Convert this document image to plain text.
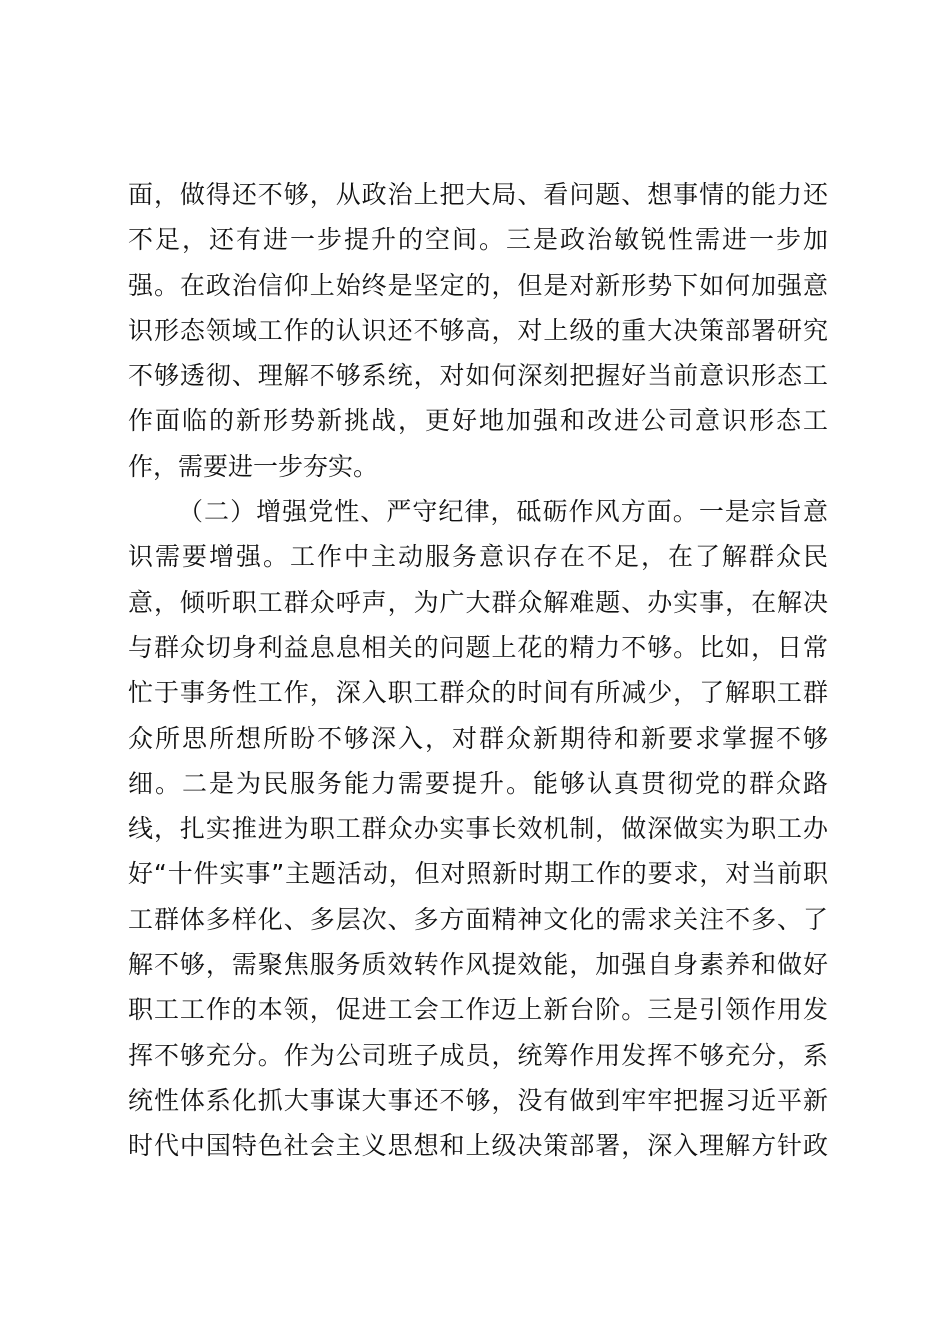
面，做得还不够，从政治上把大局、看问题、想事情的能力还
不足，还有进一步提升的空间。三是政治敏锐性需进一步加
强。在政治信仰上始终是坚定的，但是对新形势下如何加强意
识形态领域工作的认识还不够高，对上级的重大决策部署研究
不够透彻、理解不够系统，对如何深刻把握好当前意识形态工
作面临的新形势新挑战，更好地加强和改进公司意识形态工
作，需要进一步夯实。
（二）增强党性、严守纪律，砥砺作风方面。一是宗旨意
识需要增强。工作中主动服务意识存在不足，在了解群众民
意，倾听职工群众呼声，为广大群众解难题、办实事，在解决
与群众切身利益息息相关的问题上花的精力不够。比如，日常
忙于事务性工作，深入职工群众的时间有所减少，了解职工群
众所思所想所盼不够深入，对群众新期待和新要求掌握不够
细。二是为民服务能力需要提升。能够认真贯彻党的群众路
线，扎实推进为职工群众办实事长效机制，做深做实为职工办
好“十件实事”主题活动，但对照新时期工作的要求，对当前职
工群体多样化、多层次、多方面精神文化的需求关注不多、了
解不够，需聚焦服务质效转作风提效能，加强自身素养和做好
职工工作的本领，促进工会工作迈上新台阶。三是引领作用发
挥不够充分。作为公司班子成员，统筹作用发挥不够充分，系
统性体系化抓大事谋大事还不够，没有做到牢牢把握习近平新
时代中国特色社会主义思想和上级决策部署，深入理解方针政
